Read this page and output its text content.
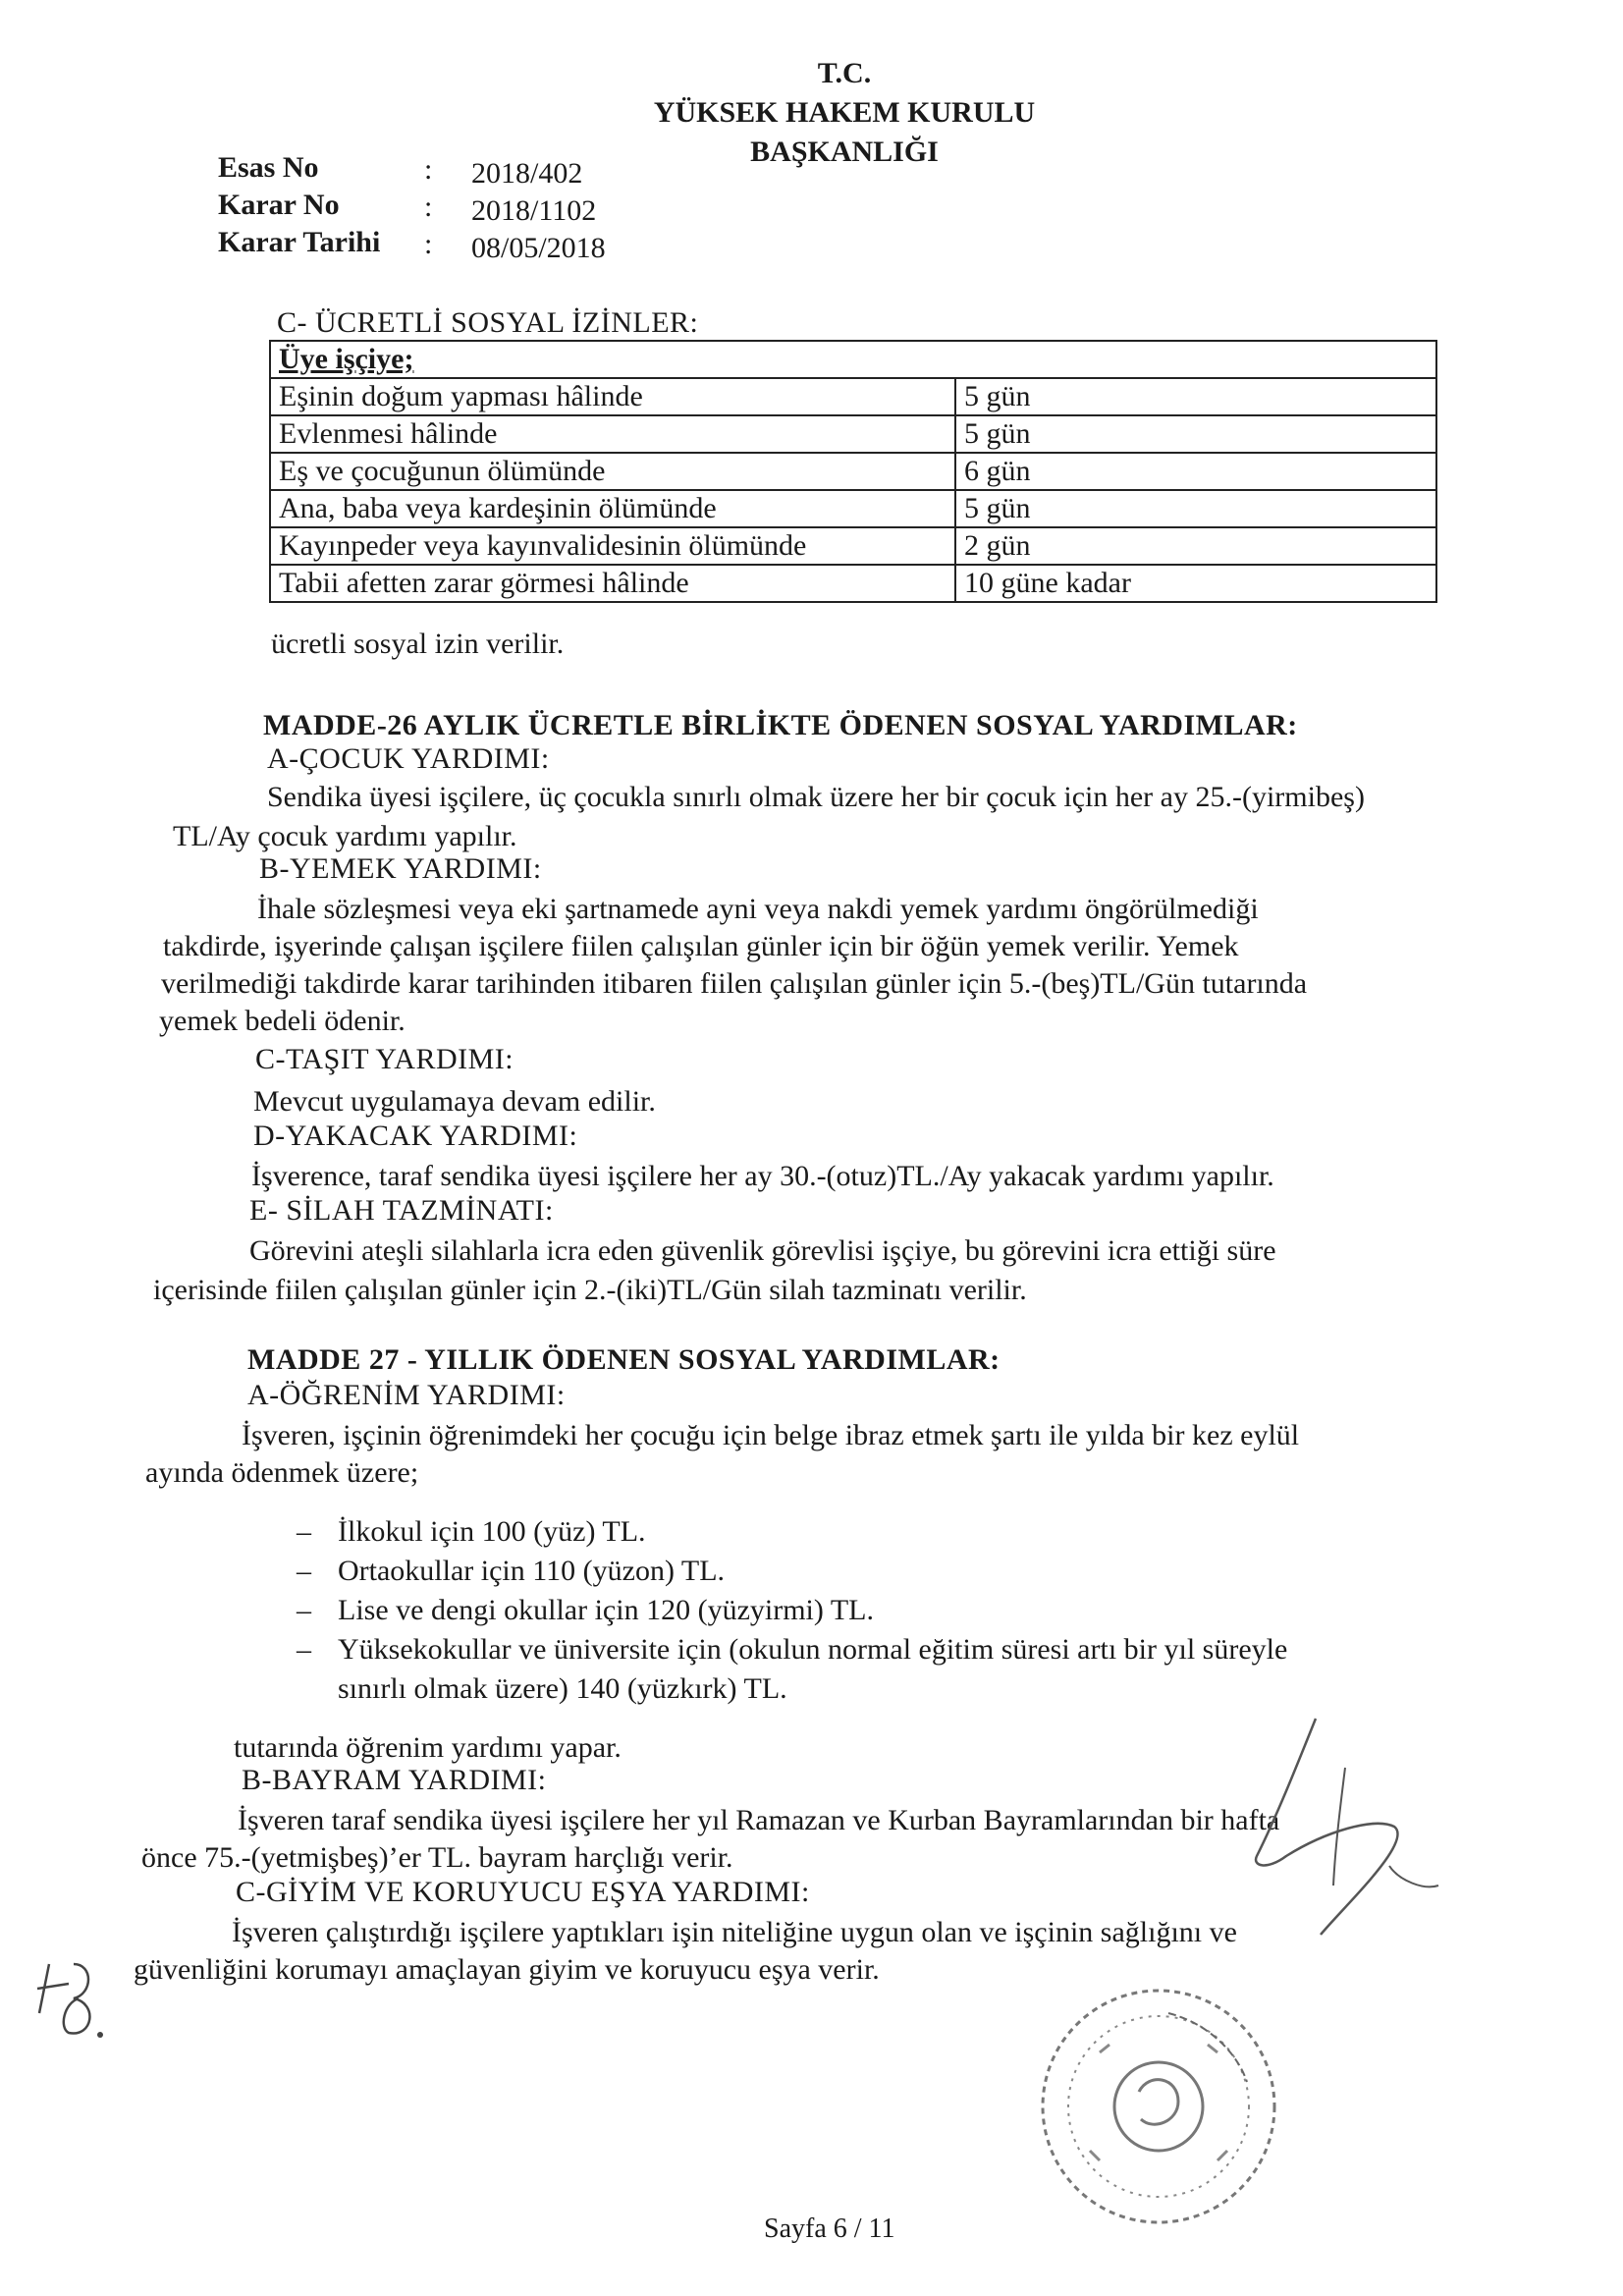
T.C.
YÜKSEK HAKEM KURULU
BAŞKANLIĞI
Esas No	: 2018/402
Karar No	: 2018/1102
Karar Tarihi : 08/05/2018
C- ÜCRETLİ SOSYAL İZİNLER:
Üye işçiye;	
Eşinin doğum yapması hâlinde	5 gün
Evlenmesi hâlinde	5 gün
Eş ve çocuğunun ölümünde	6 gün
Ana, baba veya kardeşinin ölümünde	5 gün
Kayınpeder veya kayınvalidesinin ölümünde	2 gün
Tabii afetten zarar görmesi hâlinde	10 güne kadar
ücretli sosyal izin verilir.
MADDE-26 AYLIK ÜCRETLE BİRLİKTE ÖDENEN SOSYAL YARDIMLAR:
A-ÇOCUK YARDIMI:
Sendika üyesi işçilere, üç çocukla sınırlı olmak üzere her bir çocuk için her ay 25.-(yirmibeş)
TL/Ay çocuk yardımı yapılır.
B-YEMEK YARDIMI:
İhale sözleşmesi veya eki şartnamede ayni veya nakdi yemek yardımı öngörülmediği
takdirde, işyerinde çalışan işçilere fiilen çalışılan günler için bir öğün yemek verilir. Yemek
verilmediği takdirde karar tarihinden itibaren fiilen çalışılan günler için 5.-(beş)TL/Gün tutarında
yemek bedeli ödenir.
C-TAŞIT YARDIMI:
Mevcut uygulamaya devam edilir.
D-YAKACAK YARDIMI:
İşverence, taraf sendika üyesi işçilere her ay 30.-(otuz)TL./Ay yakacak yardımı yapılır.
E- SİLAH TAZMİNATI:
Görevini ateşli silahlarla icra eden güvenlik görevlisi işçiye, bu görevini icra ettiği süre
içerisinde fiilen çalışılan günler için 2.-(iki)TL/Gün silah tazminatı verilir.
MADDE 27 - YILLIK ÖDENEN SOSYAL YARDIMLAR:
A-ÖĞRENİM YARDIMI:
İşveren, işçinin öğrenimdeki her çocuğu için belge ibraz etmek şartı ile yılda bir kez eylül
ayında ödenmek üzere;
– İlkokul için 100 (yüz) TL.
– Ortaokullar için 110 (yüzon) TL.
– Lise ve dengi okullar için 120 (yüzyirmi) TL.
– Yüksekokullar ve üniversite için (okulun normal eğitim süresi artı bir yıl süreyle
sınırlı olmak üzere) 140 (yüzkırk) TL.
tutarında öğrenim yardımı yapar.
B-BAYRAM YARDIMI:
İşveren taraf sendika üyesi işçilere her yıl Ramazan ve Kurban Bayramlarından bir hafta
önce 75.-(yetmişbeş)’er TL. bayram harçlığı verir.
C-GİYİM VE KORUYUCU EŞYA YARDIMI:
İşveren çalıştırdığı işçilere yaptıkları işin niteliğine uygun olan ve işçinin sağlığını ve
güvenliğini korumayı amaçlayan giyim ve koruyucu eşya verir.
Sayfa 6 / 11
